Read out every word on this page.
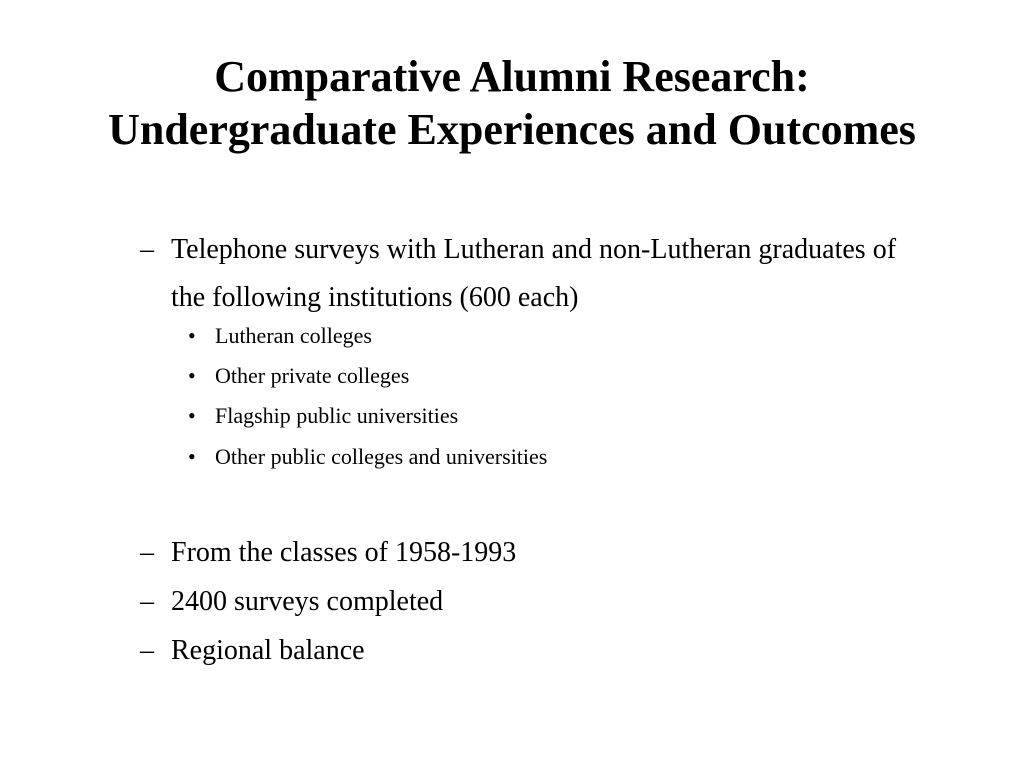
Comparative Alumni Research: Undergraduate Experiences and Outcomes
– Telephone surveys with Lutheran and non-Lutheran graduates of the following institutions (600 each)
• Lutheran colleges
• Other private colleges
• Flagship public universities
• Other public colleges and universities
– From the classes of 1958-1993
– 2400 surveys completed
– Regional balance
